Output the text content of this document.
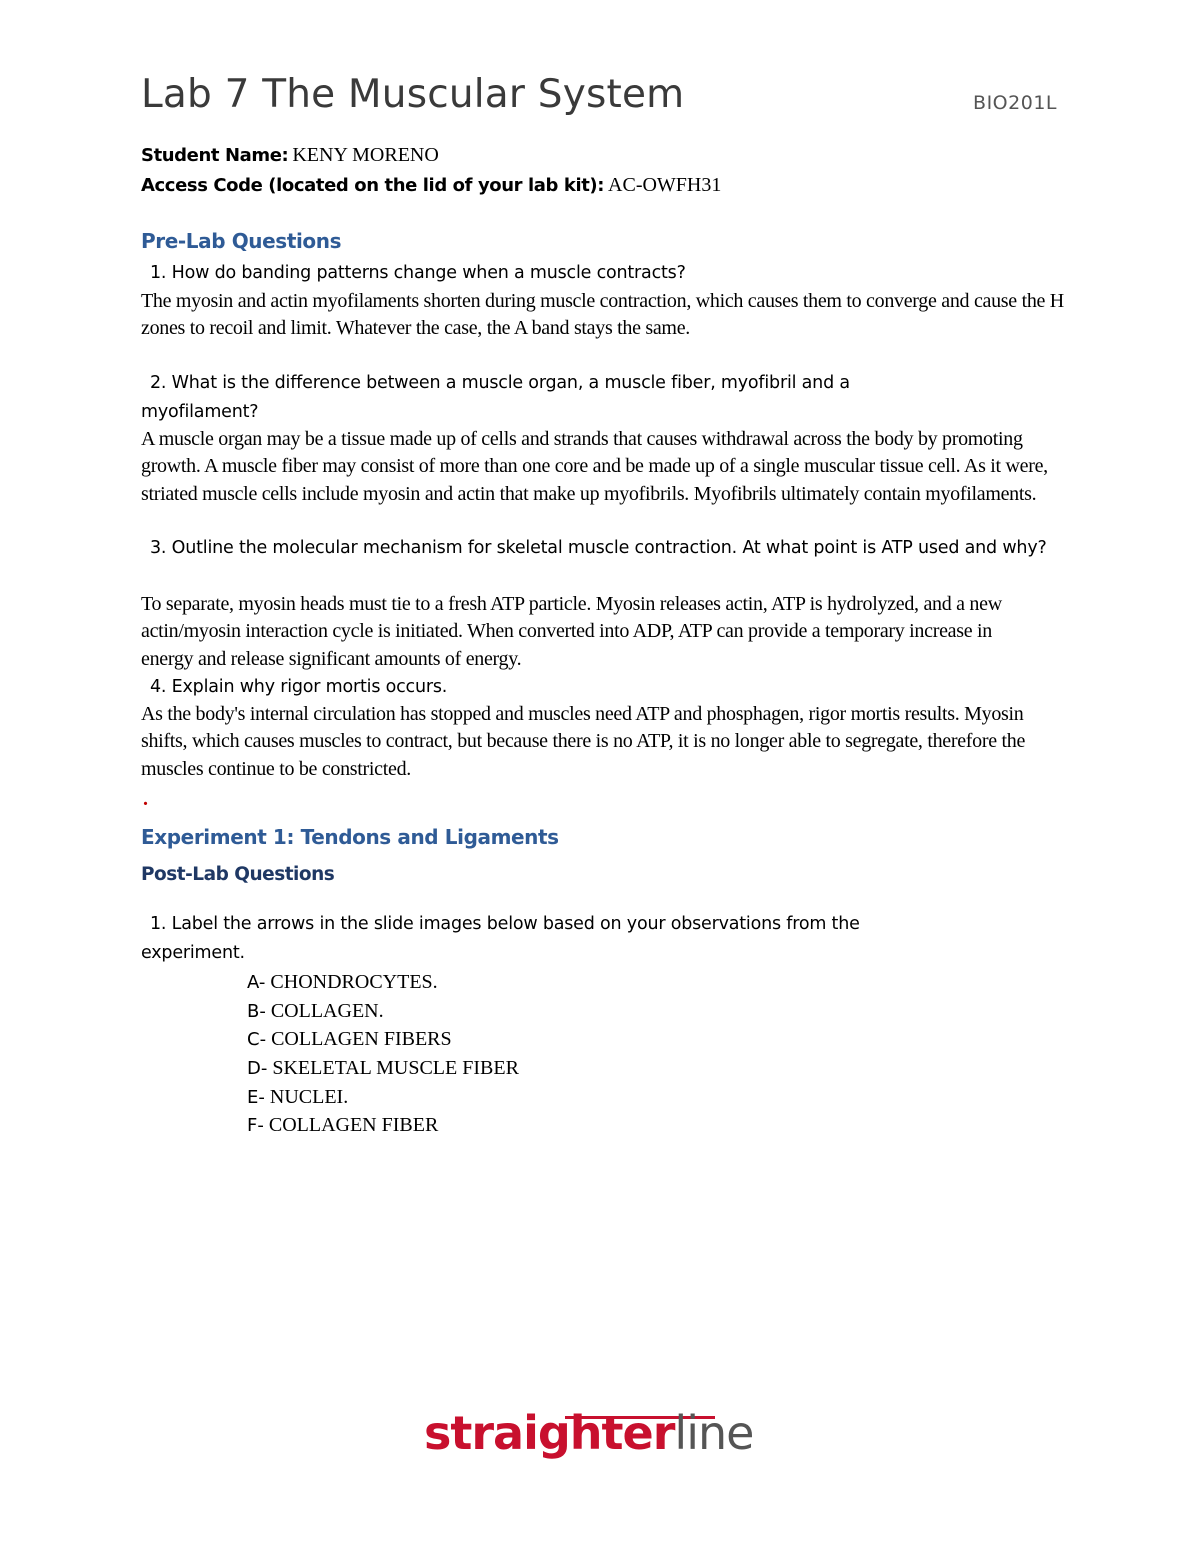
Lab 7 The Muscular System	BIO201L
Student Name: KENY MORENO
Access Code (located on the lid of your lab kit): AC-OWFH31
Pre-Lab Questions
1. How do banding patterns change when a muscle contracts?
The myosin and actin myofilaments shorten during muscle contraction, which causes them to converge and cause the H zones to recoil and limit. Whatever the case, the A band stays the same.
2. What is the difference between a muscle organ, a muscle fiber, myofibril and a myofilament?
A muscle organ may be a tissue made up of cells and strands that causes withdrawal across the body by promoting growth. A muscle fiber may consist of more than one core and be made up of a single muscular tissue cell. As it were, striated muscle cells include myosin and actin that make up myofibrils. Myofibrils ultimately contain myofilaments.
3. Outline the molecular mechanism for skeletal muscle contraction. At what point is ATP used and why?
To separate, myosin heads must tie to a fresh ATP particle. Myosin releases actin, ATP is hydrolyzed, and a new actin/myosin interaction cycle is initiated. When converted into ADP, ATP can provide a temporary increase in energy and release significant amounts of energy.
4. Explain why rigor mortis occurs.
As the body's internal circulation has stopped and muscles need ATP and phosphagen, rigor mortis results. Myosin shifts, which causes muscles to contract, but because there is no ATP, it is no longer able to segregate, therefore the muscles continue to be constricted.
.
Experiment 1: Tendons and Ligaments
Post-Lab Questions
1. Label the arrows in the slide images below based on your observations from the experiment.
A- CHONDROCYTES.
B- COLLAGEN.
C- COLLAGEN FIBERS
D- SKELETAL MUSCLE FIBER
E- NUCLEI.
F- COLLAGEN FIBER
straighterline
